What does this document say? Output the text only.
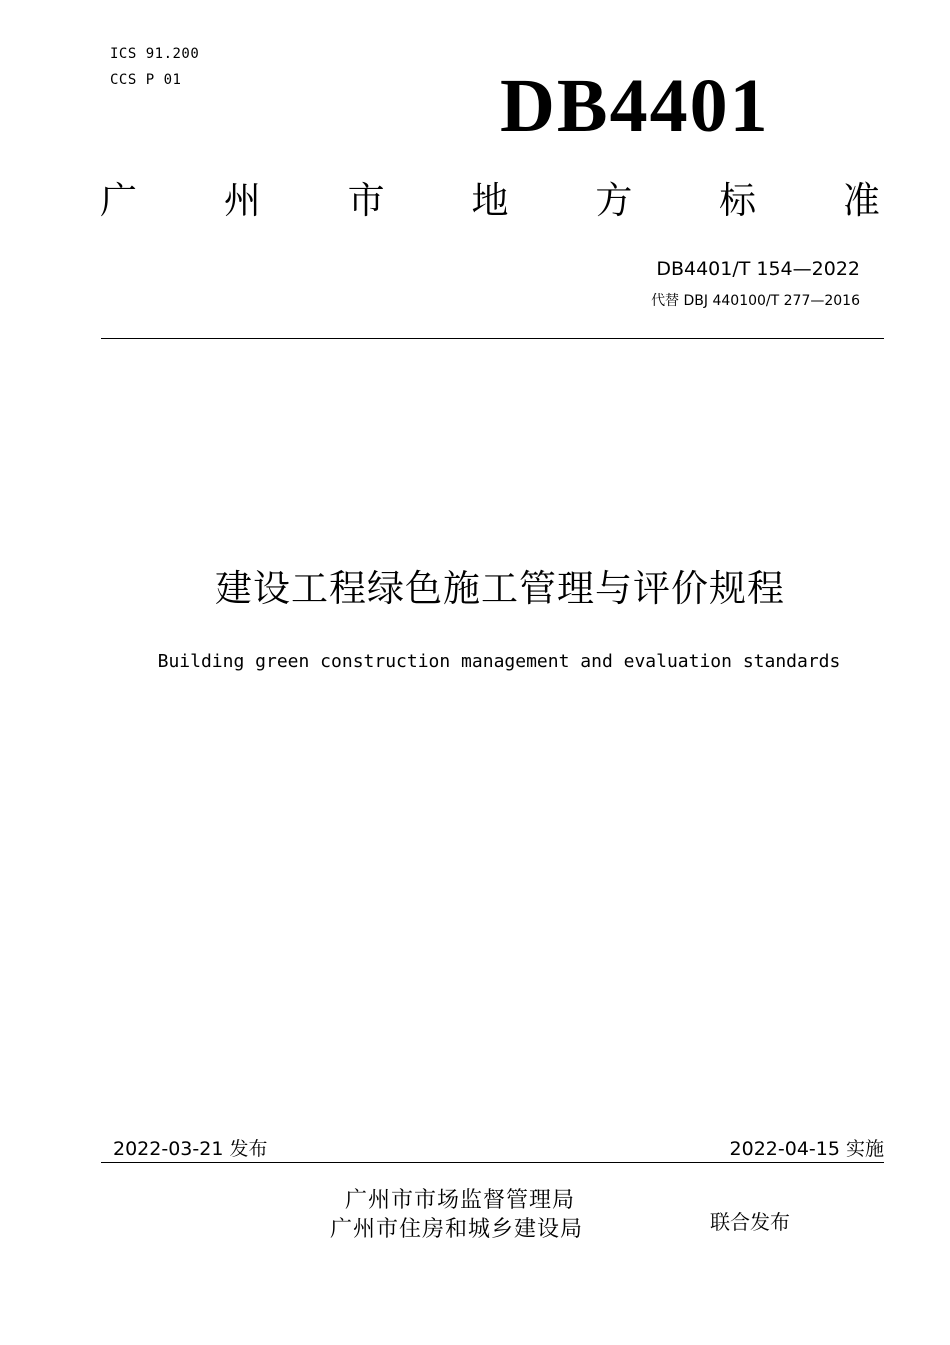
ICS 91.200
CCS P 01	DB4401
广 州 市 地 方 标 准
DB4401/T 154—2022
代替 DBJ 440100/T 277—2016
建设工程绿色施工管理与评价规程
Building green construction management and evaluation standards
2022-03-21 发布	2022-04-15 实施
广州市市场监督管理局
广州市住房和城乡建设局	联合发布
